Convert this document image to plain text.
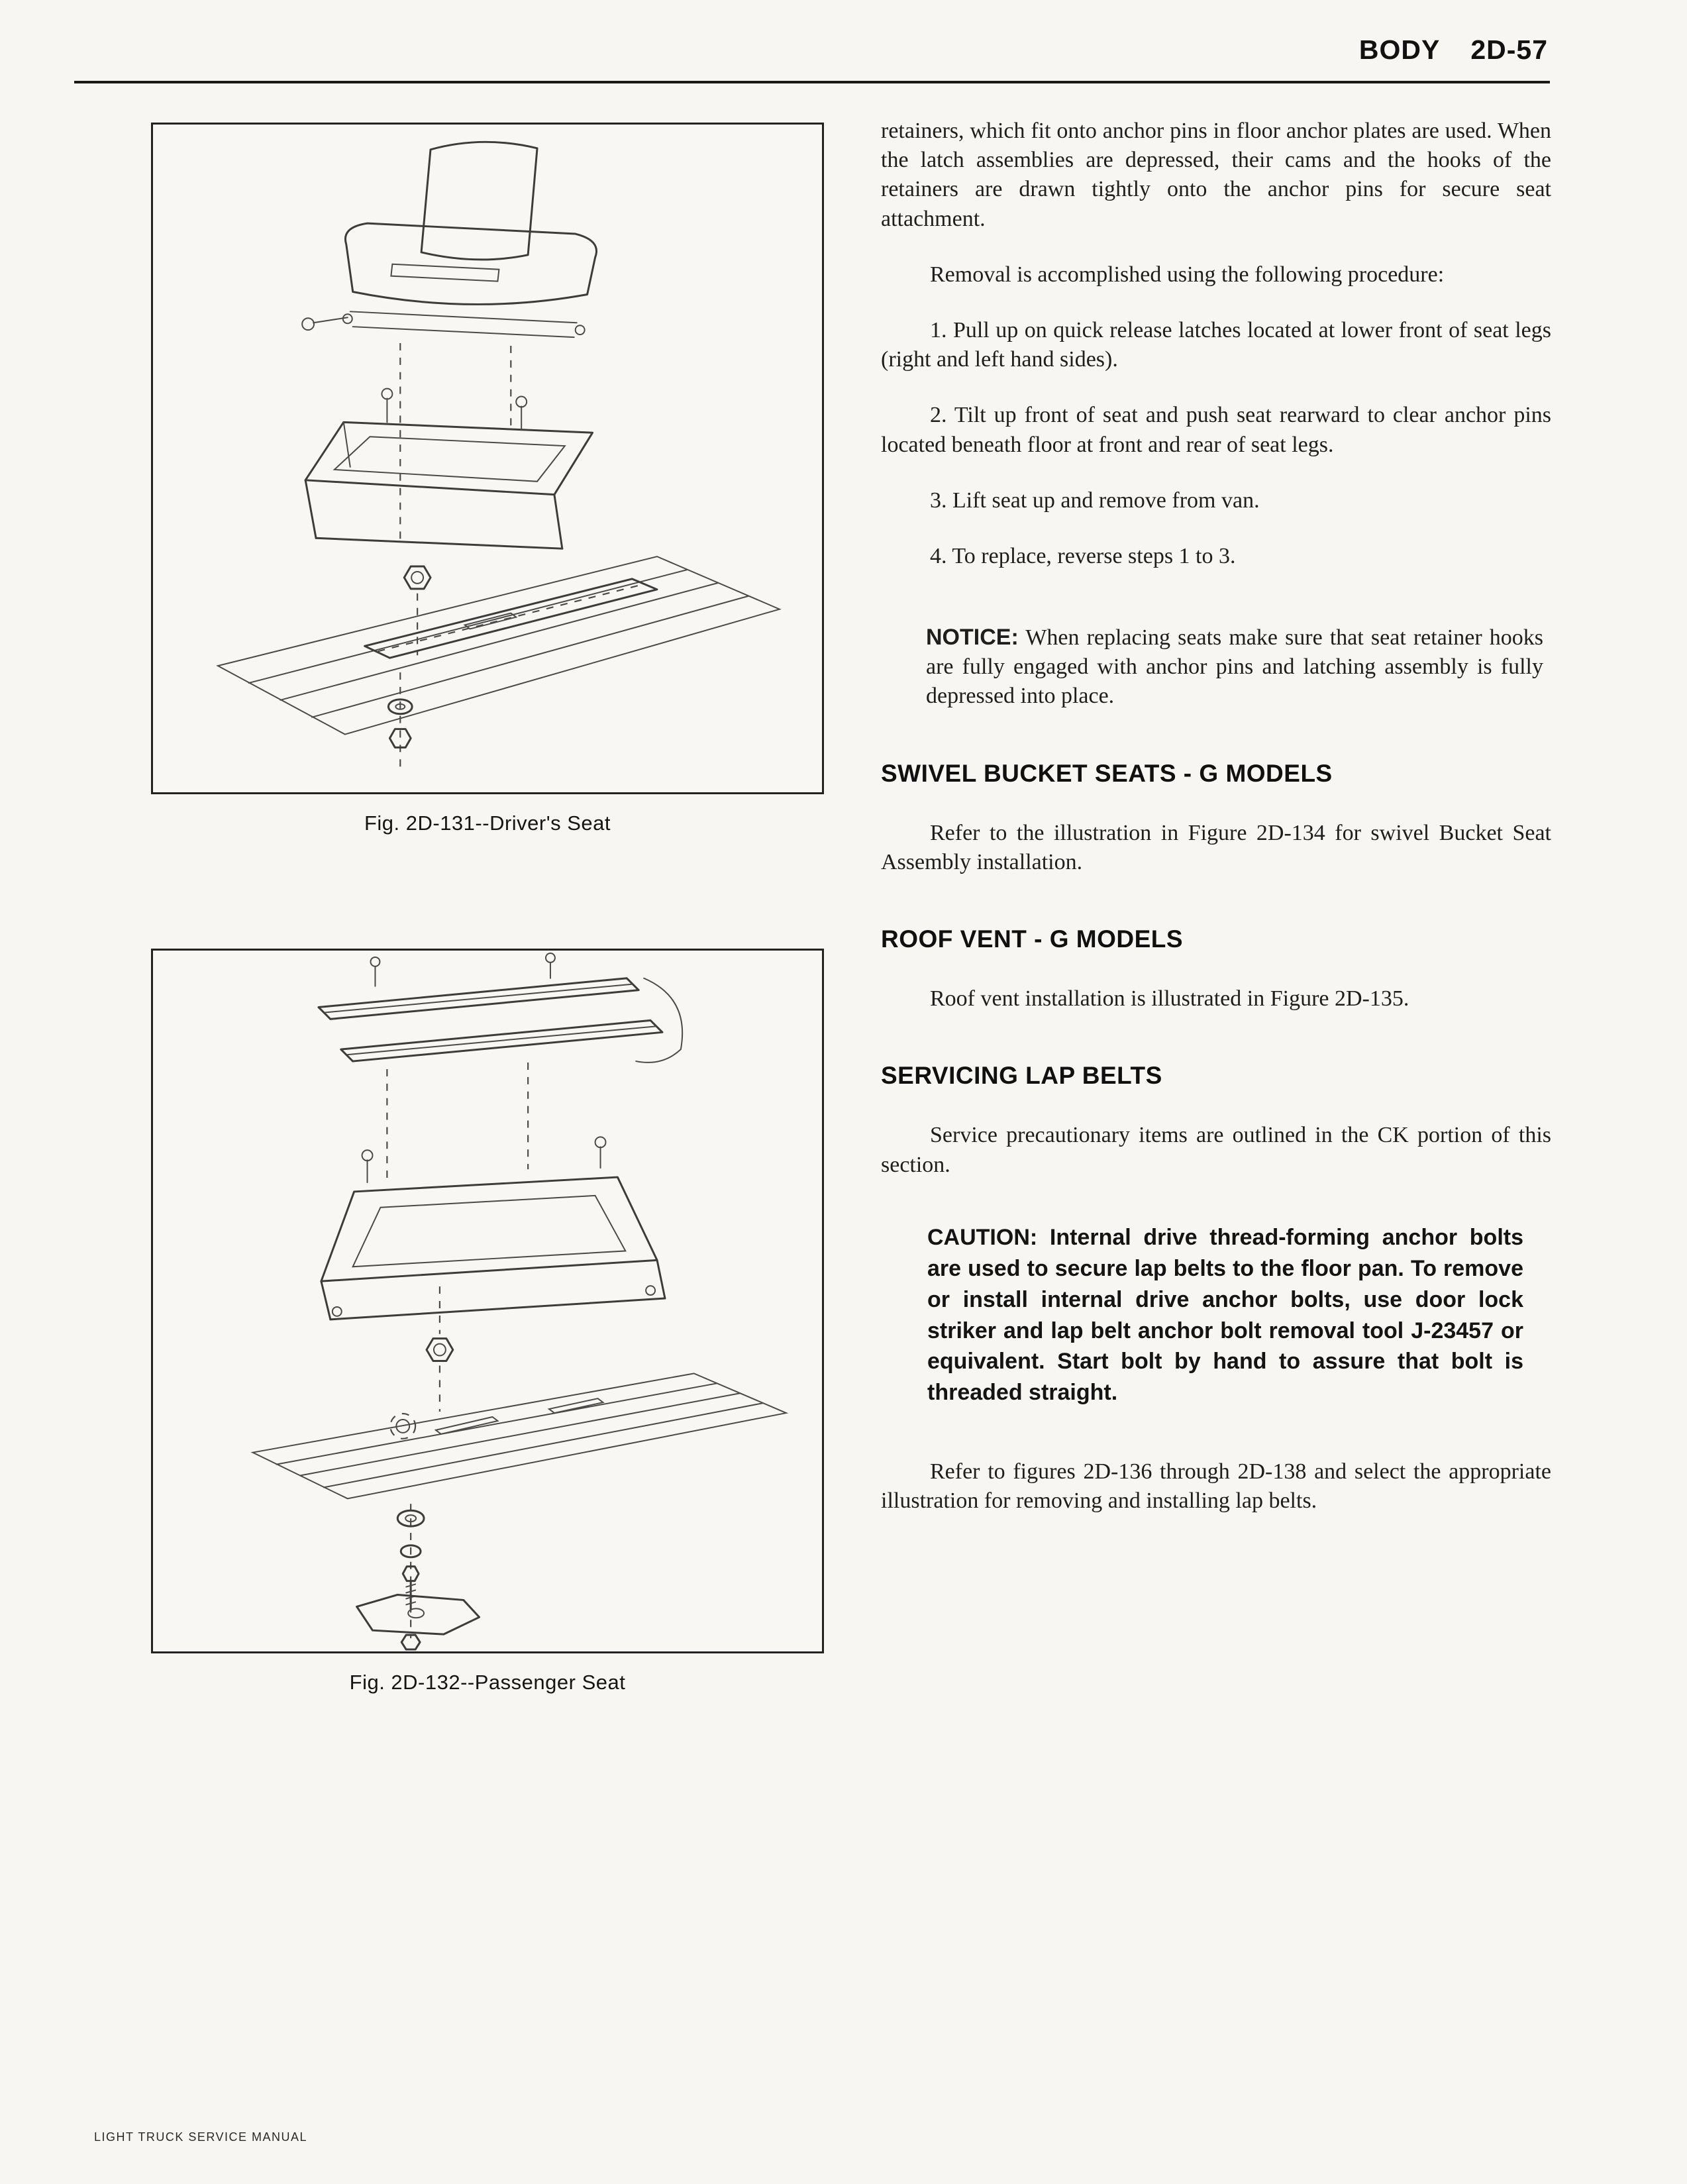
BODY 2D-57
Fig. 2D-131--Driver's Seat
Fig. 2D-132--Passenger Seat

retainers, which fit onto anchor pins in floor anchor plates are used. When the latch assemblies are depressed, their cams and the hooks of the retainers are drawn tightly onto the anchor pins for secure seat attachment.

Removal is accomplished using the following procedure:

1. Pull up on quick release latches located at lower front of seat legs (right and left hand sides).

2. Tilt up front of seat and push seat rearward to clear anchor pins located beneath floor at front and rear of seat legs.

3. Lift seat up and remove from van.

4. To replace, reverse steps 1 to 3.

NOTICE: When replacing seats make sure that seat retainer hooks are fully engaged with anchor pins and latching assembly is fully depressed into place.

SWIVEL BUCKET SEATS - G MODELS

Refer to the illustration in Figure 2D-134 for swivel Bucket Seat Assembly installation.

ROOF VENT - G MODELS

Roof vent installation is illustrated in Figure 2D-135.

SERVICING LAP BELTS

Service precautionary items are outlined in the CK portion of this section.

CAUTION: Internal drive thread-forming anchor bolts are used to secure lap belts to the floor pan. To remove or install internal drive anchor bolts, use door lock striker and lap belt anchor bolt removal tool J-23457 or equivalent. Start bolt by hand to assure that bolt is threaded straight.

Refer to figures 2D-136 through 2D-138 and select the appropriate illustration for removing and installing lap belts.

LIGHT TRUCK SERVICE MANUAL
